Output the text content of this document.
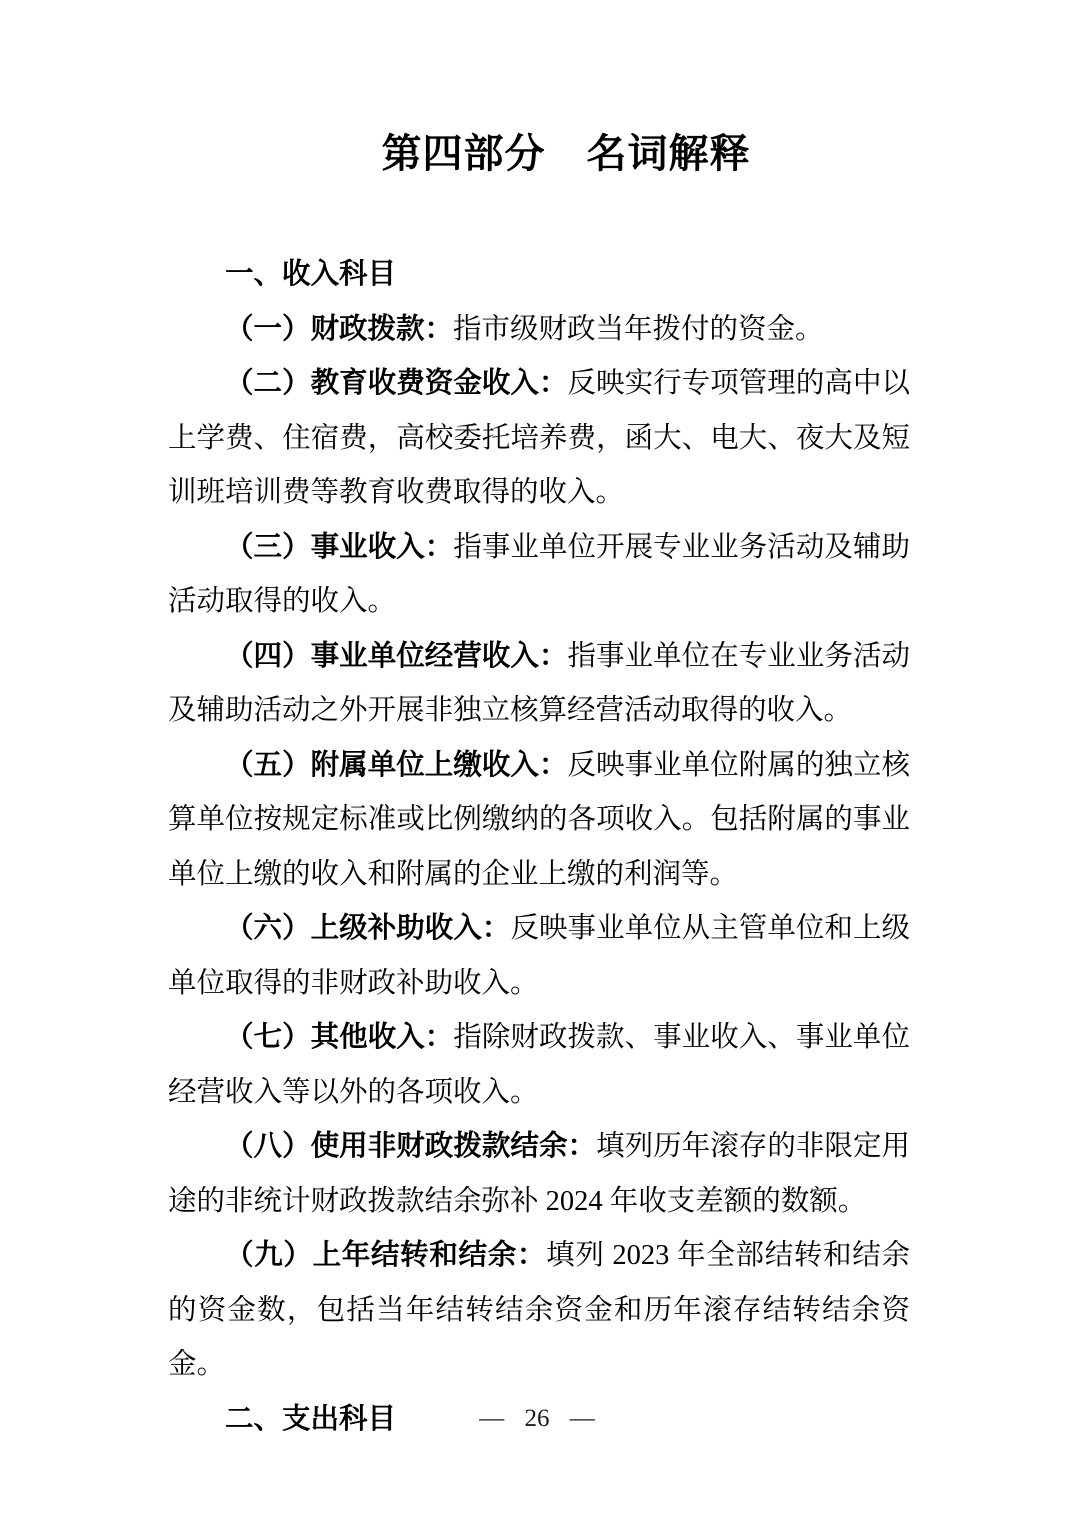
第四部分　名词解释

一、收入科目

（一）财政拨款：指市级财政当年拨付的资金。

（二）教育收费资金收入：反映实行专项管理的高中以上学费、住宿费，高校委托培养费，函大、电大、夜大及短训班培训费等教育收费取得的收入。

（三）事业收入：指事业单位开展专业业务活动及辅助活动取得的收入。

（四）事业单位经营收入：指事业单位在专业业务活动及辅助活动之外开展非独立核算经营活动取得的收入。

（五）附属单位上缴收入：反映事业单位附属的独立核算单位按规定标准或比例缴纳的各项收入。包括附属的事业单位上缴的收入和附属的企业上缴的利润等。

（六）上级补助收入：反映事业单位从主管单位和上级单位取得的非财政补助收入。

（七）其他收入：指除财政拨款、事业收入、事业单位经营收入等以外的各项收入。

（八）使用非财政拨款结余：填列历年滚存的非限定用途的非统计财政拨款结余弥补 2024 年收支差额的数额。

（九）上年结转和结余：填列 2023 年全部结转和结余的资金数，包括当年结转结余资金和历年滚存结转结余资金。

二、支出科目	— 26 —
